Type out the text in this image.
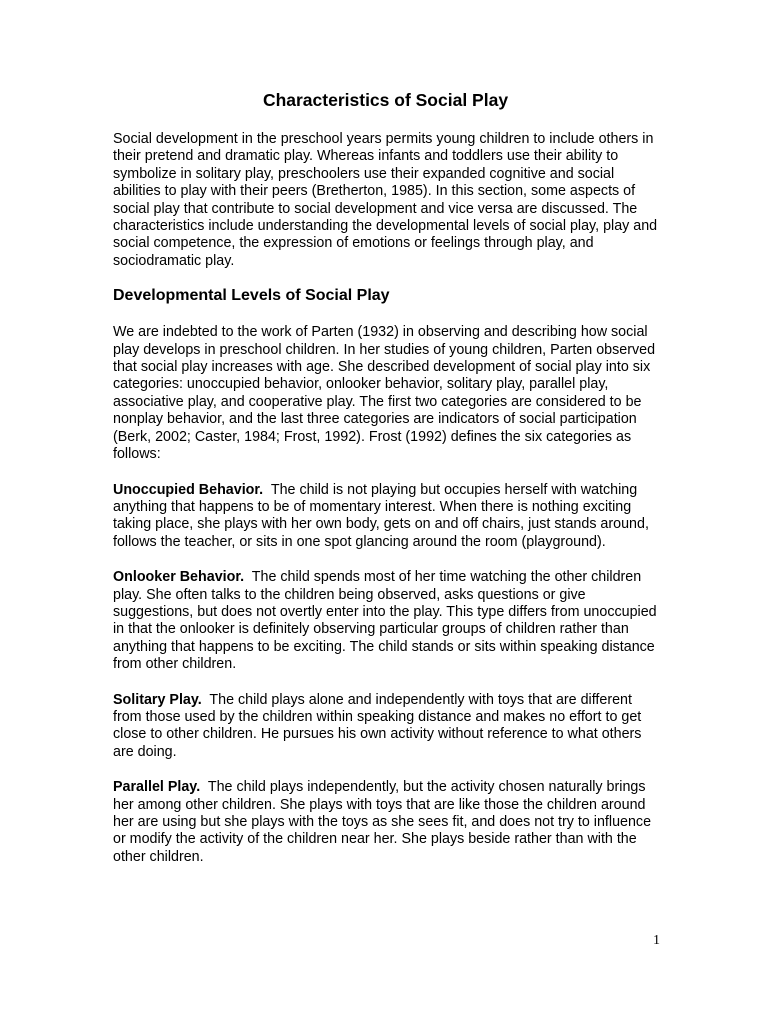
Characteristics of Social Play

Social development in the preschool years permits young children to include others in their pretend and dramatic play. Whereas infants and toddlers use their ability to symbolize in solitary play, preschoolers use their expanded cognitive and social abilities to play with their peers (Bretherton, 1985). In this section, some aspects of social play that contribute to social development and vice versa are discussed. The characteristics include understanding the developmental levels of social play, play and social competence, the expression of emotions or feelings through play, and sociodramatic play.

Developmental Levels of Social Play

We are indebted to the work of Parten (1932) in observing and describing how social play develops in preschool children. In her studies of young children, Parten observed that social play increases with age. She described development of social play into six categories: unoccupied behavior, onlooker behavior, solitary play, parallel play, associative play, and cooperative play. The first two categories are considered to be nonplay behavior, and the last three categories are indicators of social participation (Berk, 2002; Caster, 1984; Frost, 1992). Frost (1992) defines the six categories as follows:

Unoccupied Behavior. The child is not playing but occupies herself with watching anything that happens to be of momentary interest. When there is nothing exciting taking place, she plays with her own body, gets on and off chairs, just stands around, follows the teacher, or sits in one spot glancing around the room (playground).

Onlooker Behavior. The child spends most of her time watching the other children play. She often talks to the children being observed, asks questions or give suggestions, but does not overtly enter into the play. This type differs from unoccupied in that the onlooker is definitely observing particular groups of children rather than anything that happens to be exciting. The child stands or sits within speaking distance from other children.

Solitary Play. The child plays alone and independently with toys that are different from those used by the children within speaking distance and makes no effort to get close to other children. He pursues his own activity without reference to what others are doing.

Parallel Play. The child plays independently, but the activity chosen naturally brings her among other children. She plays with toys that are like those the children around her are using but she plays with the toys as she sees fit, and does not try to influence or modify the activity of the children near her. She plays beside rather than with the other children.

1
